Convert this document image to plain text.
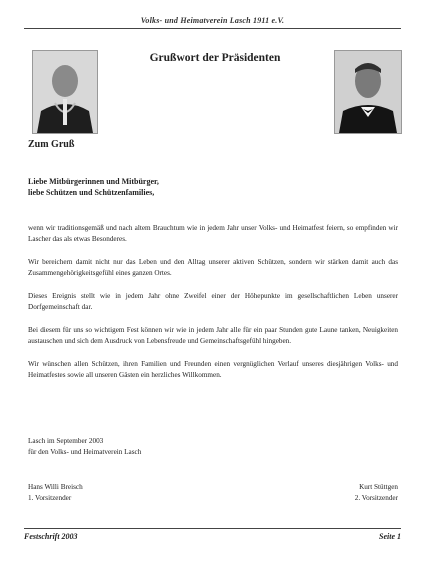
Volks- und Heimatverein Lasch 1911 e.V.
Grußwort der Präsidenten
Zum Gruß
Liebe Mitbürgerinnen und Mitbürger,
liebe Schützen und Schützenfamilies,

wenn wir traditionsgemäß und nach altem Brauchtum wie in jedem Jahr unser Volks- und Heimatfest feiern, so empfinden wir Lascher das als etwas Besonderes.

Wir bereichern damit nicht nur das Leben und den Alltag unserer aktiven Schützen, sondern wir stärken damit auch das Zusammengehörigkeitsgefühl eines ganzen Ortes.

Dieses Ereignis stellt wie in jedem Jahr ohne Zweifel einer der Höhepunkte im gesellschaftlichen Leben unserer Dorfgemeinschaft dar.

Bei diesem für uns so wichtigem Fest können wir wie in jedem Jahr alle für ein paar Stunden gute Laune tanken, Neuigkeiten austauschen und sich dem Ausdruck von Lebensfreude und Gemeinschaftsgefühl hingeben.

Wir wünschen allen Schützen, ihren Familien und Freunden einen vergnüglichen Verlauf unseres diesjährigen Volks- und Heimatfestes sowie all unseren Gästen ein herzliches Willkommen.

Lasch im September 2003
für den Volks- und Heimatverein Lasch
Hans Willi Breisch
1. Vorsitzender
Kurt Stüttgen
2. Vorsitzender
Festschrift 2003	Seite 1
